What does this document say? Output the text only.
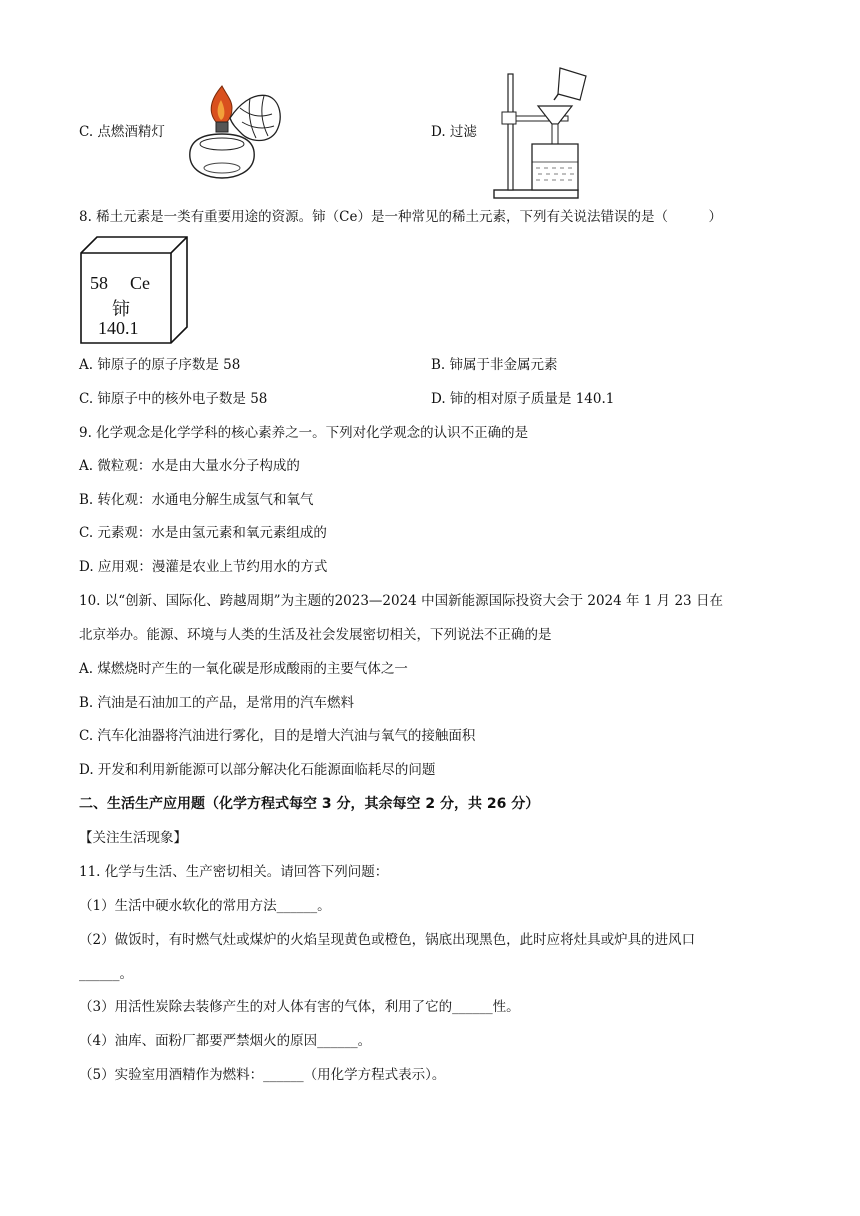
C. 点燃酒精灯	D. 过滤
8. 稀土元素是一类有重要用途的资源。铈（Ce）是一种常见的稀土元素，下列有关说法错误的是（　　　）
58 Ce
铈
140.1
A. 铈原子的原子序数是 58	B. 铈属于非金属元素
C. 铈原子中的核外电子数是 58	D. 铈的相对原子质量是 140.1
9. 化学观念是化学学科的核心素养之一。下列对化学观念的认识不正确的是
A. 微粒观：水是由大量水分子构成的
B. 转化观：水通电分解生成氢气和氧气
C. 元素观：水是由氢元素和氧元素组成的
D. 应用观：漫灌是农业上节约用水的方式
10. 以“创新、国际化、跨越周期”为主题的2023—2024 中国新能源国际投资大会于 2024 年 1 月 23 日在
北京举办。能源、环境与人类的生活及社会发展密切相关，下列说法不正确的是
A. 煤燃烧时产生的一氧化碳是形成酸雨的主要气体之一
B. 汽油是石油加工的产品，是常用的汽车燃料
C. 汽车化油器将汽油进行雾化，目的是增大汽油与氧气的接触面积
D. 开发和利用新能源可以部分解决化石能源面临耗尽的问题
二、生活生产应用题（化学方程式每空 3 分，其余每空 2 分，共 26 分）
【关注生活现象】
11. 化学与生活、生产密切相关。请回答下列问题：
（1）生活中硬水软化的常用方法______。
（2）做饭时，有时燃气灶或煤炉的火焰呈现黄色或橙色，锅底出现黑色，此时应将灶具或炉具的进风口
______。
（3）用活性炭除去装修产生的对人体有害的气体，利用了它的______性。
（4）油库、面粉厂都要严禁烟火的原因______。
（5）实验室用酒精作为燃料：______（用化学方程式表示）。
